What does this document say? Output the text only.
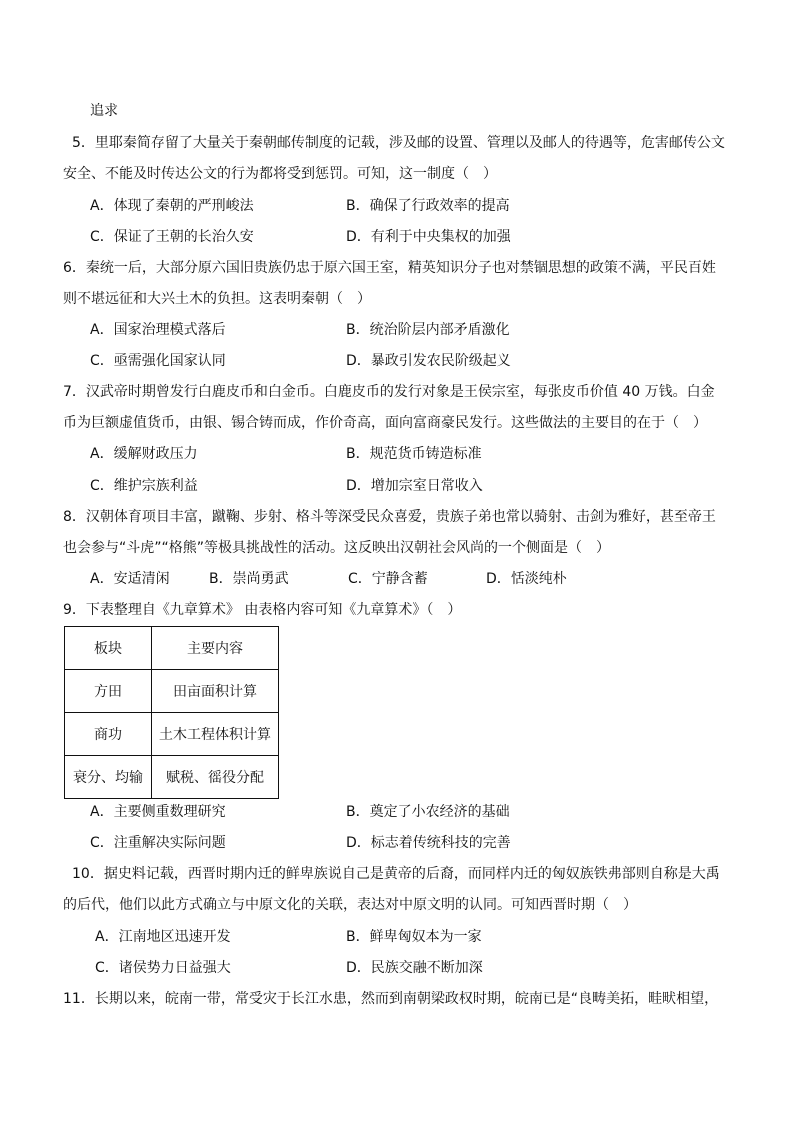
追求
5．里耶秦简存留了大量关于秦朝邮传制度的记载，涉及邮的设置、管理以及邮人的待遇等，危害邮传公文
安全、不能及时传达公文的行为都将受到惩罚。可知，这一制度（　）
A．体现了秦朝的严刑峻法	B．确保了行政效率的提高
C．保证了王朝的长治久安	D．有利于中央集权的加强
6．秦统一后，大部分原六国旧贵族仍忠于原六国王室，精英知识分子也对禁锢思想的政策不满，平民百姓
则不堪远征和大兴土木的负担。这表明秦朝（　）
A．国家治理模式落后	B．统治阶层内部矛盾激化
C．亟需强化国家认同	D．暴政引发农民阶级起义
7．汉武帝时期曾发行白鹿皮币和白金币。白鹿皮币的发行对象是王侯宗室，每张皮币价值 40 万钱。白金
币为巨额虚值货币，由银、锡合铸而成，作价奇高，面向富商豪民发行。这些做法的主要目的在于（　）
A．缓解财政压力	B．规范货币铸造标准
C．维护宗族利益	D．增加宗室日常收入
8．汉朝体育项目丰富，蹴鞠、步射、格斗等深受民众喜爱，贵族子弟也常以骑射、击剑为雅好，甚至帝王
也会参与“斗虎”“格熊”等极具挑战性的活动。这反映出汉朝社会风尚的一个侧面是（　）
A．安适清闲	B．崇尚勇武	C．宁静含蓄	D．恬淡纯朴
9．下表整理自《九章算术》 由表格内容可知《九章算术》（　）
板块	主要内容
方田	田亩面积计算
商功	土木工程体积计算
衰分、均输	赋税、徭役分配
A．主要侧重数理研究	B．奠定了小农经济的基础
C．注重解决实际问题	D．标志着传统科技的完善
10．据史料记载，西晋时期内迁的鲜卑族说自己是黄帝的后裔，而同样内迁的匈奴族铁弗部则自称是大禹
的后代，他们以此方式确立与中原文化的关联，表达对中原文明的认同。可知西晋时期（　）
A．江南地区迅速开发	B．鲜卑匈奴本为一家
C．诸侯势力日益强大	D．民族交融不断加深
11．长期以来，皖南一带，常受灾于长江水患，然而到南朝梁政权时期，皖南已是“良畴美拓，畦畎相望，
